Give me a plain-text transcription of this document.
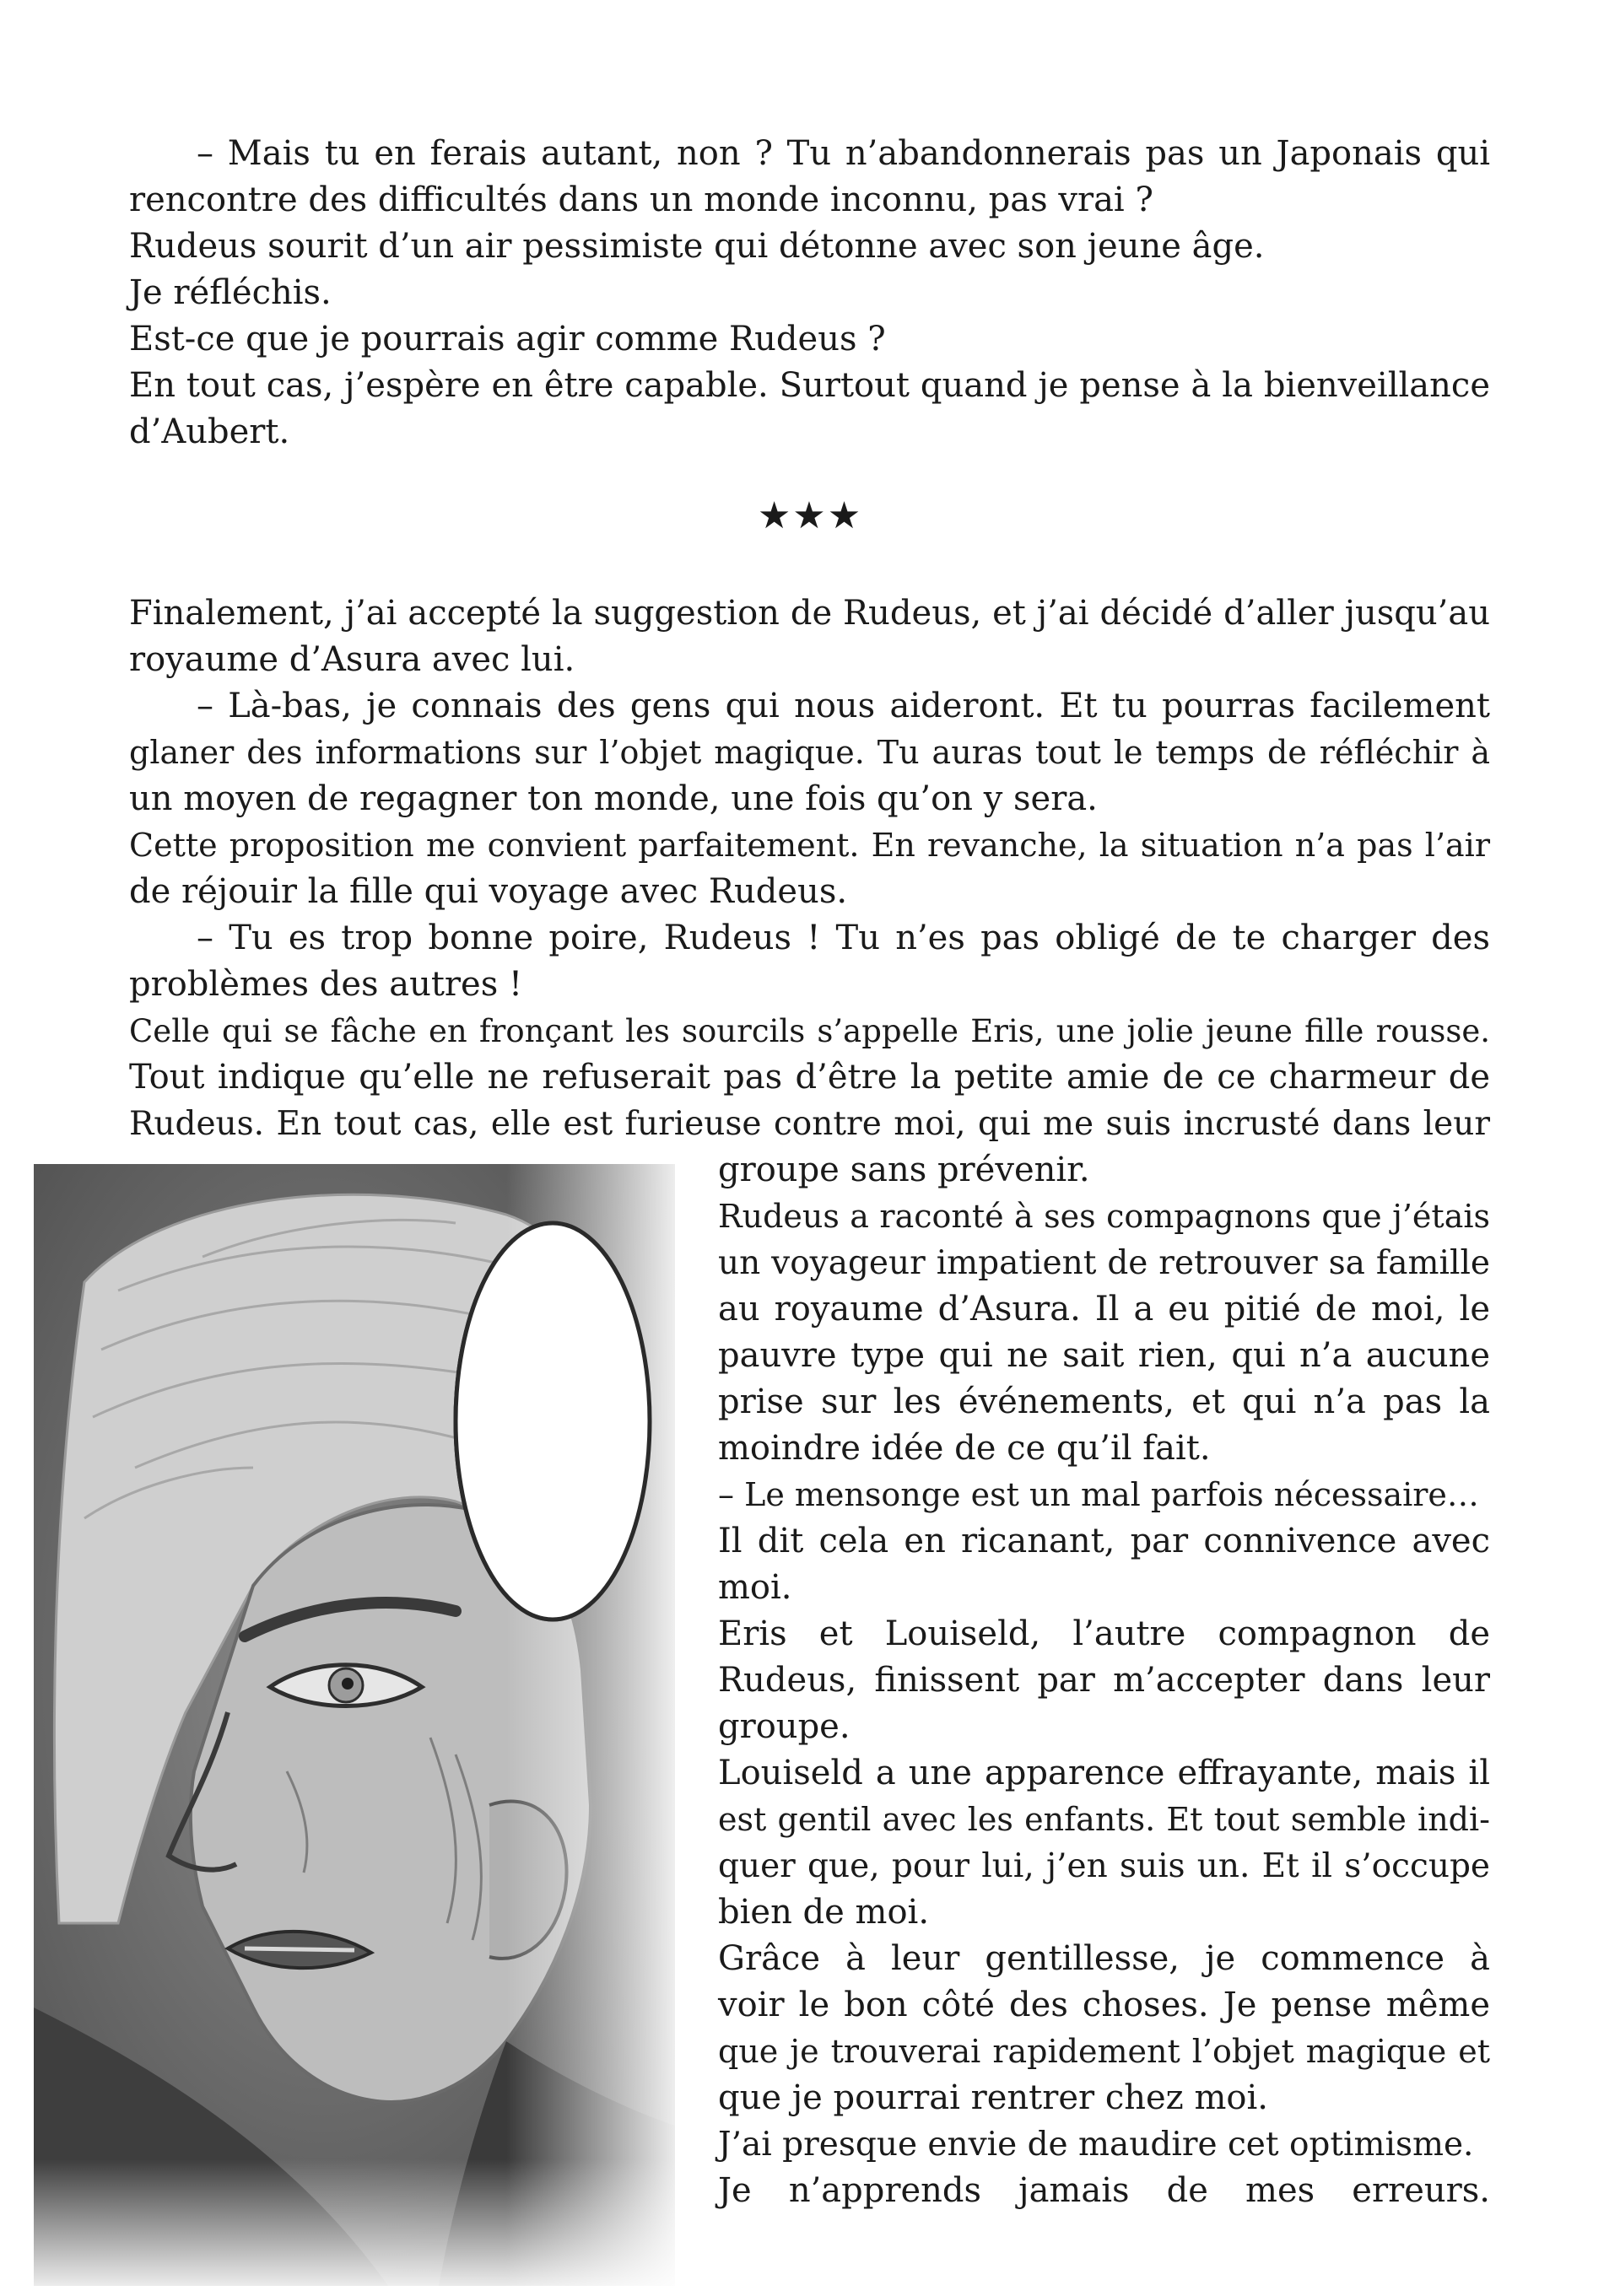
– Mais tu en ferais autant, non ? Tu n’abandonnerais pas un Japonais qui
rencontre des difficultés dans un monde inconnu, pas vrai ?
Rudeus sourit d’un air pessimiste qui détonne avec son jeune âge.
Je réfléchis.
Est-ce que je pourrais agir comme Rudeus ?
En tout cas, j’espère en être capable. Surtout quand je pense à la bienveillance
d’Aubert.
★★★
Finalement, j’ai accepté la suggestion de Rudeus, et j’ai décidé d’aller jusqu’au
royaume d’Asura avec lui.
– Là-bas, je connais des gens qui nous aideront. Et tu pourras facilement
glaner des informations sur l’objet magique. Tu auras tout le temps de réfléchir à
un moyen de regagner ton monde, une fois qu’on y sera.
Cette proposition me convient parfaitement. En revanche, la situation n’a pas l’air
de réjouir la fille qui voyage avec Rudeus.
– Tu es trop bonne poire, Rudeus ! Tu n’es pas obligé de te charger des
problèmes des autres !
Celle qui se fâche en fronçant les sourcils s’appelle Eris, une jolie jeune fille rousse.
Tout indique qu’elle ne refuserait pas d’être la petite amie de ce charmeur de
Rudeus. En tout cas, elle est furieuse contre moi, qui me suis incrusté dans leur
groupe sans prévenir.
Rudeus a raconté à ses compagnons que j’étais
un voyageur impatient de retrouver sa famille
au royaume d’Asura. Il a eu pitié de moi, le
pauvre type qui ne sait rien, qui n’a aucune
prise sur les événements, et qui n’a pas la
moindre idée de ce qu’il fait.
– Le mensonge est un mal parfois nécessaire…
Il dit cela en ricanant, par connivence avec
moi.
Eris et Louiseld, l’autre compagnon de
Rudeus, finissent par m’accepter dans leur
groupe.
Louiseld a une apparence effrayante, mais il
est gentil avec les enfants. Et tout semble indi-
quer que, pour lui, j’en suis un. Et il s’occupe
bien de moi.
Grâce à leur gentillesse, je commence à
voir le bon côté des choses. Je pense même
que je trouverai rapidement l’objet magique et
que je pourrai rentrer chez moi.
J’ai presque envie de maudire cet optimisme.
Je n’apprends jamais de mes erreurs.
